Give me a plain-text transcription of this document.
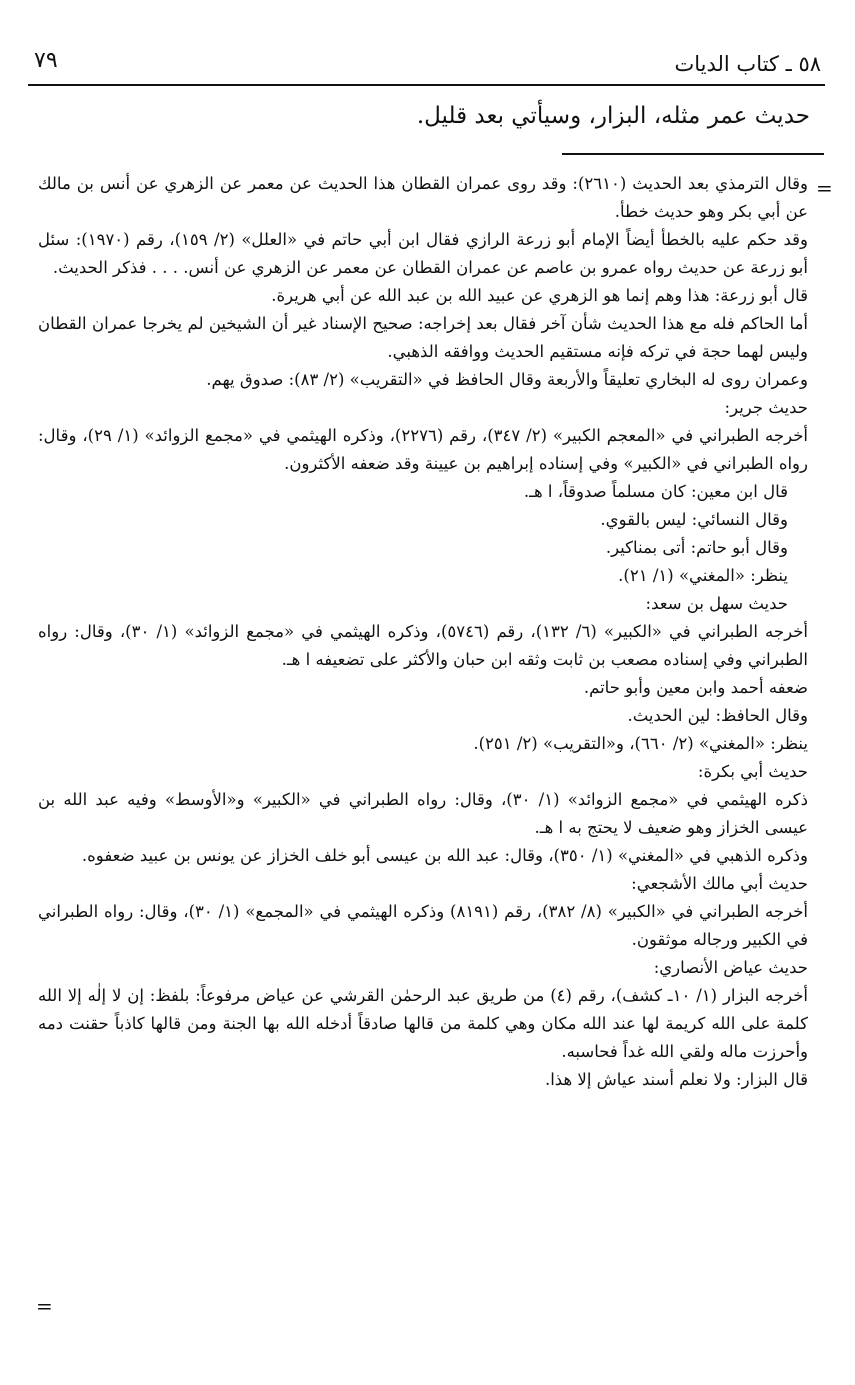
٧٩	٥٨ ـ كتاب الديات
حديث عمر مثله، البزار، وسيأتي بعد قليل.
=

وقال الترمذي بعد الحديث (٢٦١٠): وقد روى عمران القطان هذا الحديث عن معمر عن الزهري عن أنس بن مالك عن أبي بكر وهو حديث خطأ.

وقد حكم عليه بالخطأ أيضاً الإمام أبو زرعة الرازي فقال ابن أبي حاتم في «العلل» (٢/ ١٥٩)، رقم (١٩٧٠): سئل أبو زرعة عن حديث رواه عمرو بن عاصم عن عمران القطان عن معمر عن الزهري عن أنس. . . . فذكر الحديث.

قال أبو زرعة: هذا وهم إنما هو الزهري عن عبيد الله بن عبد الله عن أبي هريرة.

أما الحاكم فله مع هذا الحديث شأن آخر فقال بعد إخراجه: صحيح الإسناد غير أن الشيخين لم يخرجا عمران القطان وليس لهما حجة في تركه فإنه مستقيم الحديث ووافقه الذهبي.

وعمران روى له البخاري تعليقاً والأربعة وقال الحافظ في «التقريب» (٢/ ٨٣): صدوق يهم.

حديث جرير:

أخرجه الطبراني في «المعجم الكبير» (٢/ ٣٤٧)، رقم (٢٢٧٦)، وذكره الهيثمي في «مجمع الزوائد» (١/ ٢٩)، وقال: رواه الطبراني في «الكبير» وفي إسناده إبراهيم بن عيينة وقد ضعفه الأكثرون.

قال ابن معين: كان مسلماً صدوقاً، ا هـ.

وقال النسائي: ليس بالقوي.

وقال أبو حاتم: أتى بمناكير.

ينظر: «المغني» (١/ ٢١).

حديث سهل بن سعد:

أخرجه الطبراني في «الكبير» (٦/ ١٣٢)، رقم (٥٧٤٦)، وذكره الهيثمي في «مجمع الزوائد» (١/ ٣٠)، وقال: رواه الطبراني وفي إسناده مصعب بن ثابت وثقه ابن حبان والأكثر على تضعيفه ا هـ.

ضعفه أحمد وابن معين وأبو حاتم.

وقال الحافظ: لين الحديث.

ينظر: «المغني» (٢/ ٦٦٠)، و«التقريب» (٢/ ٢٥١).

حديث أبي بكرة:

ذكره الهيثمي في «مجمع الزوائد» (١/ ٣٠)، وقال: رواه الطبراني في «الكبير» و«الأوسط» وفيه عبد الله بن عيسى الخزاز وهو ضعيف لا يحتج به ا هـ.

وذكره الذهبي في «المغني» (١/ ٣٥٠)، وقال: عبد الله بن عيسى أبو خلف الخزاز عن يونس بن عبيد ضعفوه.

حديث أبي مالك الأشجعي:

أخرجه الطبراني في «الكبير» (٨/ ٣٨٢)، رقم (٨١٩١) وذكره الهيثمي في «المجمع» (١/ ٣٠)، وقال: رواه الطبراني في الكبير ورجاله موثقون.

حديث عياض الأنصاري:

أخرجه البزار (١/ ١٠ـ كشف)، رقم (٤) من طريق عبد الرحمٰن القرشي عن عياض مرفوعاً: بلفظ: إن لا إلٰه إلا الله كلمة على الله كريمة لها عند الله مكان وهي كلمة من قالها صادقاً أدخله الله بها الجنة ومن قالها كاذباً حقنت دمه وأحرزت ماله ولقي الله غداً فحاسبه.

قال البزار: ولا نعلم أسند عياش إلا هذا.

=
